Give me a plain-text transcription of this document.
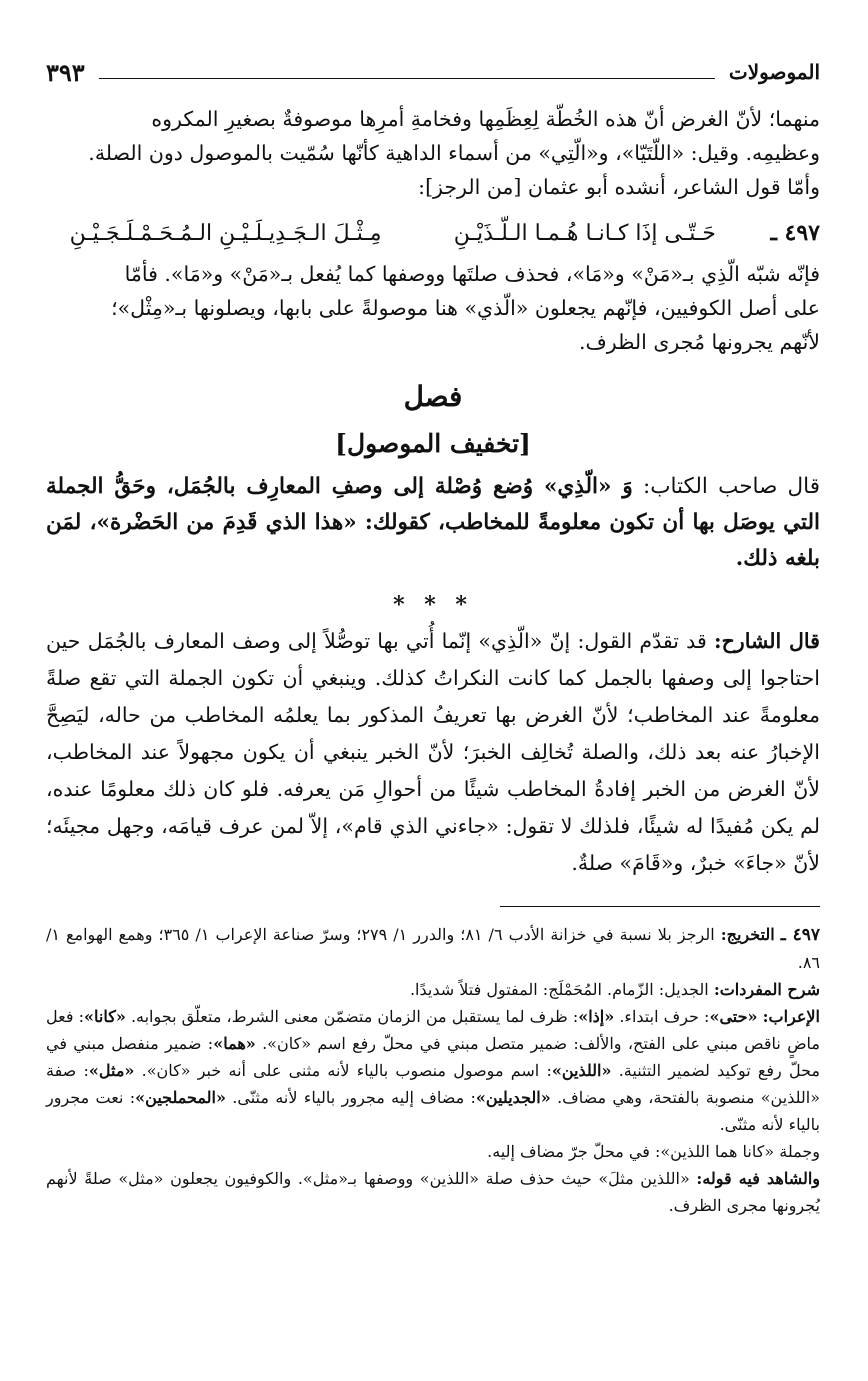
الموصولات
٣٩٣

منهما؛ لأنّ الغرض أنّ هذه الخُطّة لِعِظَمِها وفخامةِ أمرِها موصوفةٌ بصغيرِ المكروه

وعظيمِه. وقيل: «اللّتَيّا»، و«الّتِي» من أسماء الداهية كأنّها سُمّيت بالموصول دون الصلة.

وأمّا قول الشاعر، أنشده أبو عثمان [من الرجز]:

٤٩٧ ـ
حَـتّـى إذَا كـانـا هُـمـا الـلّـذَيْـنِ
مِـثْـلَ الـجَـدِيـلَـيْـنِ الـمُـحَـمْـلَـجَـيْـنِ

فإنّه شبّه الّذِي بـ«مَنْ» و«مَا»، فحذف صلتَها ووصفها كما يُفعل بـ«مَنْ» و«مَا». فأمّا

على أصل الكوفيين، فإنّهم يجعلون «الّذي» هنا موصولةً على بابها، ويصلونها بـ«مِثْل»؛

لأنّهم يجرونها مُجرى الظرف.

فصل
[تخفيف الموصول]

قال صاحب الكتاب: وَ «الّذِي» وُضع وُصْلة إلى وصفِ المعارِف بالجُمَل، وحَقُّ الجملة التي يوصَل بها أن تكون معلومةً للمخاطب، كقولك: «هذا الذي قَدِمَ من الحَضْرة»، لمَن بلغه ذلك.

* * *

قال الشارح: قد تقدّم القول: إنّ «الّذِي» إنّما أُتي بها توصُّلاً إلى وصف المعارف بالجُمَل حين احتاجوا إلى وصفها بالجمل كما كانت النكراتُ كذلك. وينبغي أن تكون الجملة التي تقع صلةً معلومةً عند المخاطب؛ لأنّ الغرض بها تعريفُ المذكور بما يعلمُه المخاطب من حاله، ليَصِحَّ الإخبارُ عنه بعد ذلك، والصلة تُخالِف الخبرَ؛ لأنّ الخبر ينبغي أن يكون مجهولاً عند المخاطب، لأنّ الغرض من الخبر إفادةُ المخاطب شيئًا من أحوالِ مَن يعرفه. فلو كان ذلك معلومًا عنده، لم يكن مُفيدًا له شيئًا، فلذلك لا تقول: «جاءني الذي قام»، إلاّ لمن عرف قيامَه، وجهل مجيئَه؛ لأنّ «جاءَ» خبرٌ، و«قَامَ» صلةٌ.

٤٩٧ ـ التخريج: الرجز بلا نسبة في خزانة الأدب ٦/ ٨١؛ والدرر ١/ ٢٧٩؛ وسرّ صناعة الإعراب ١/ ٣٦٥؛ وهمع الهوامع ١/ ٨٦.

شرح المفردات: الجديل: الزّمام. المُحَمْلَج: المفتول فتلاً شديدًا.

الإعراب: «حتى»: حرف ابتداء. «إذا»: ظرف لما يستقبل من الزمان متضمّن معنى الشرط، متعلّق بجوابه. «كانا»: فعل ماضٍ ناقص مبني على الفتح، والألف: ضمير متصل مبني في محلّ رفع اسم «كان». «هما»: ضمير منفصل مبني في محلّ رفع توكيد لضمير التثنية. «اللذين»: اسم موصول منصوب بالياء لأنه مثنى على أنه خبر «كان». «مثل»: صفة «اللذين» منصوبة بالفتحة، وهي مضاف. «الجديلين»: مضاف إليه مجرور بالياء لأنه مثنّى. «المحملجين»: نعت مجرور بالياء لأنه مثنّى.

وجملة «كانا هما اللذين»: في محلّ جرّ مضاف إليه.

والشاهد فيه قوله: «اللذين مثلَ» حيث حذف صلة «اللذين» ووصفها بـ«مثل». والكوفيون يجعلون «مثل» صلةً لأنهم يُجرونها مجرى الظرف.
